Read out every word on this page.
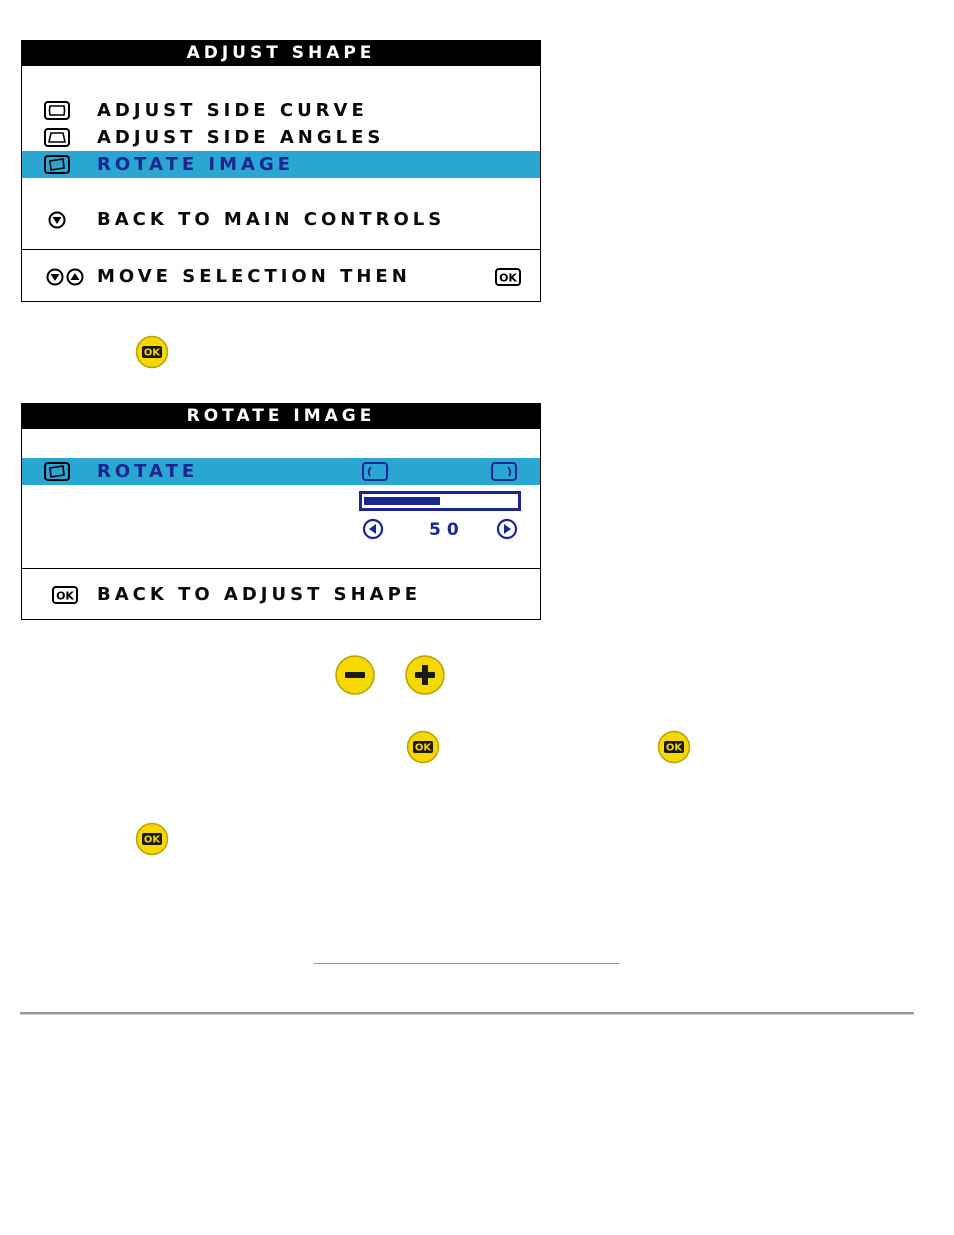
ADJUST SHAPE
ADJUST SIDE CURVE
ADJUST SIDE ANGLES
ROTATE IMAGE
BACK TO MAIN CONTROLS
MOVE SELECTION THEN	OK
OK
ROTATE IMAGE
ROTATE
50
OK BACK TO ADJUST SHAPE
OK	OK
OK
